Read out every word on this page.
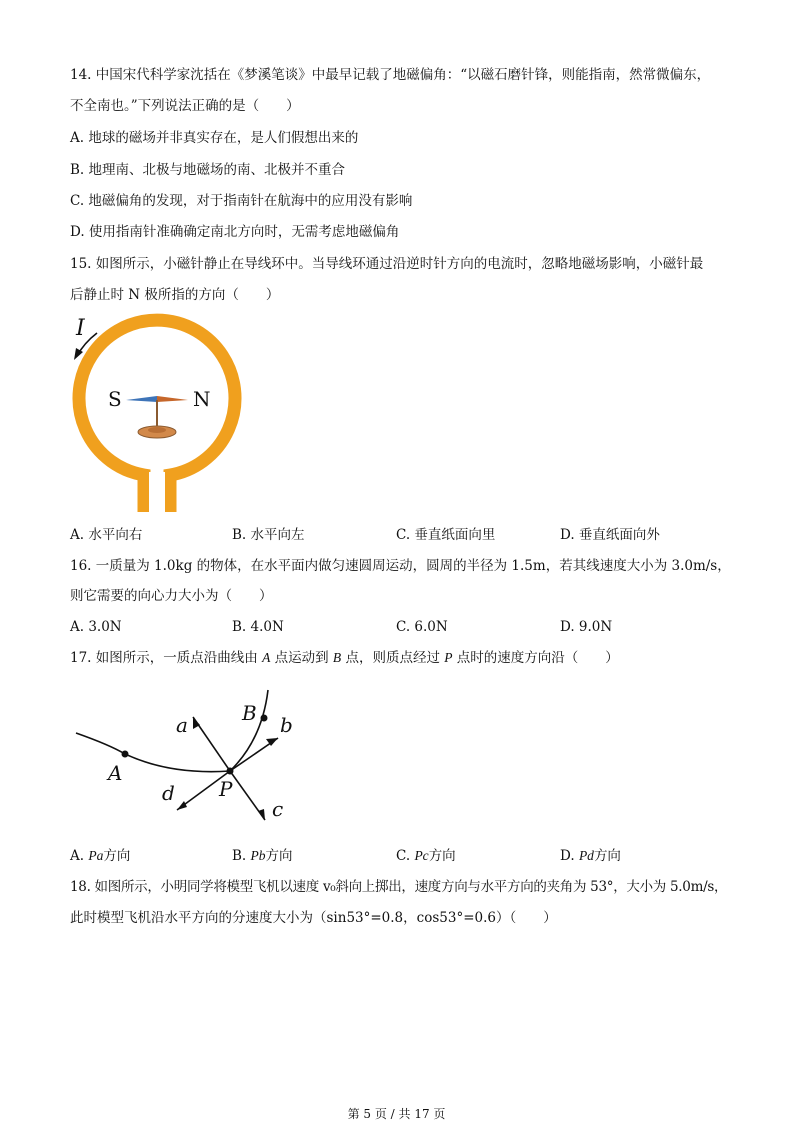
14. 中国宋代科学家沈括在《梦溪笔谈》中最早记载了地磁偏角：“以磁石磨针锋，则能指南，然常微偏东，
不全南也。”下列说法正确的是（　　）
A. 地球的磁场并非真实存在，是人们假想出来的
B. 地理南、北极与地磁场的南、北极并不重合
C. 地磁偏角的发现，对于指南针在航海中的应用没有影响
D. 使用指南针准确确定南北方向时，无需考虑地磁偏角
15. 如图所示，小磁针静止在导线环中。当导线环通过沿逆时针方向的电流时，忽略地磁场影响，小磁针最
后静止时 N 极所指的方向（　　）
I
S	N
A. 水平向右	B. 水平向左	C. 垂直纸面向里	D. 垂直纸面向外
16. 一质量为 1.0kg 的物体，在水平面内做匀速圆周运动，圆周的半径为 1.5m，若其线速度大小为 3.0m/s，
则它需要的向心力大小为（　　）
A. 3.0N	B. 4.0N	C. 6.0N	D. 9.0N
17. 如图所示，一质点沿曲线由 A 点运动到 B 点，则质点经过 P 点时的速度方向沿（　　）
A
P
B
a	b
c
d
A. Pa方向	B. Pb方向	C. Pc方向	D. Pd方向
18. 如图所示，小明同学将模型飞机以速度 v₀斜向上掷出，速度方向与水平方向的夹角为 53°，大小为 5.0m/s，
此时模型飞机沿水平方向的分速度大小为（sin53°=0.8，cos53°=0.6）（　　）
第 5 页 / 共 17 页
